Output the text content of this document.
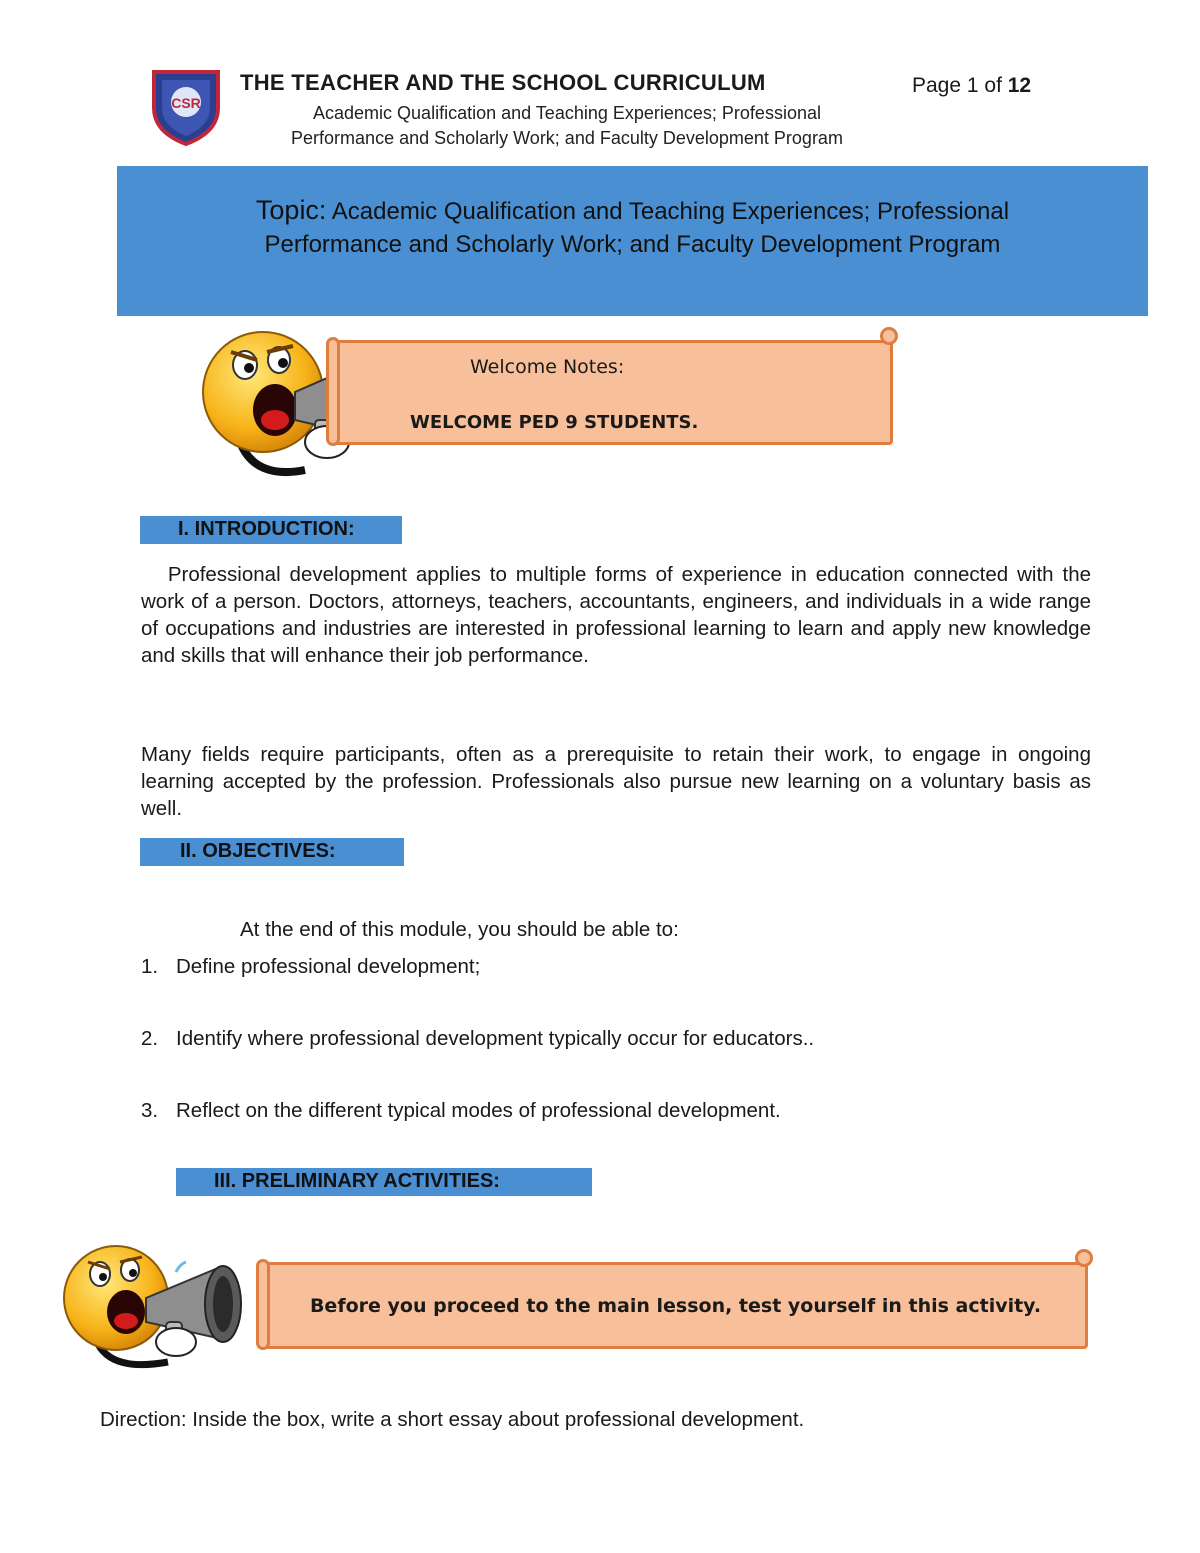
CSR
THE TEACHER AND THE SCHOOL CURRICULUM	Page 1 of 12
Academic Qualification and Teaching Experiences; Professional
Performance and Scholarly Work; and Faculty Development Program
Topic: Academic Qualification and Teaching Experiences; Professional
Performance and Scholarly Work; and Faculty Development Program
Welcome Notes:
WELCOME PED 9 STUDENTS.
I. INTRODUCTION:
Professional development applies to multiple forms of experience in education connected with the work of a person. Doctors, attorneys, teachers, accountants, engineers, and individuals in a wide range of occupations and industries are interested in professional learning to learn and apply new knowledge and skills that will enhance their job performance.
Many fields require participants, often as a prerequisite to retain their work, to engage in ongoing learning accepted by the profession. Professionals also pursue new learning on a voluntary basis as well.
II. OBJECTIVES:
At the end of this module, you should be able to:
1. Define professional development;
2. Identify where professional development typically occur for educators..
3. Reflect on the different typical modes of professional development.
III. PRELIMINARY ACTIVITIES:
Before you proceed to the main lesson, test yourself in this activity.
Direction: Inside the box, write a short essay about professional development.
